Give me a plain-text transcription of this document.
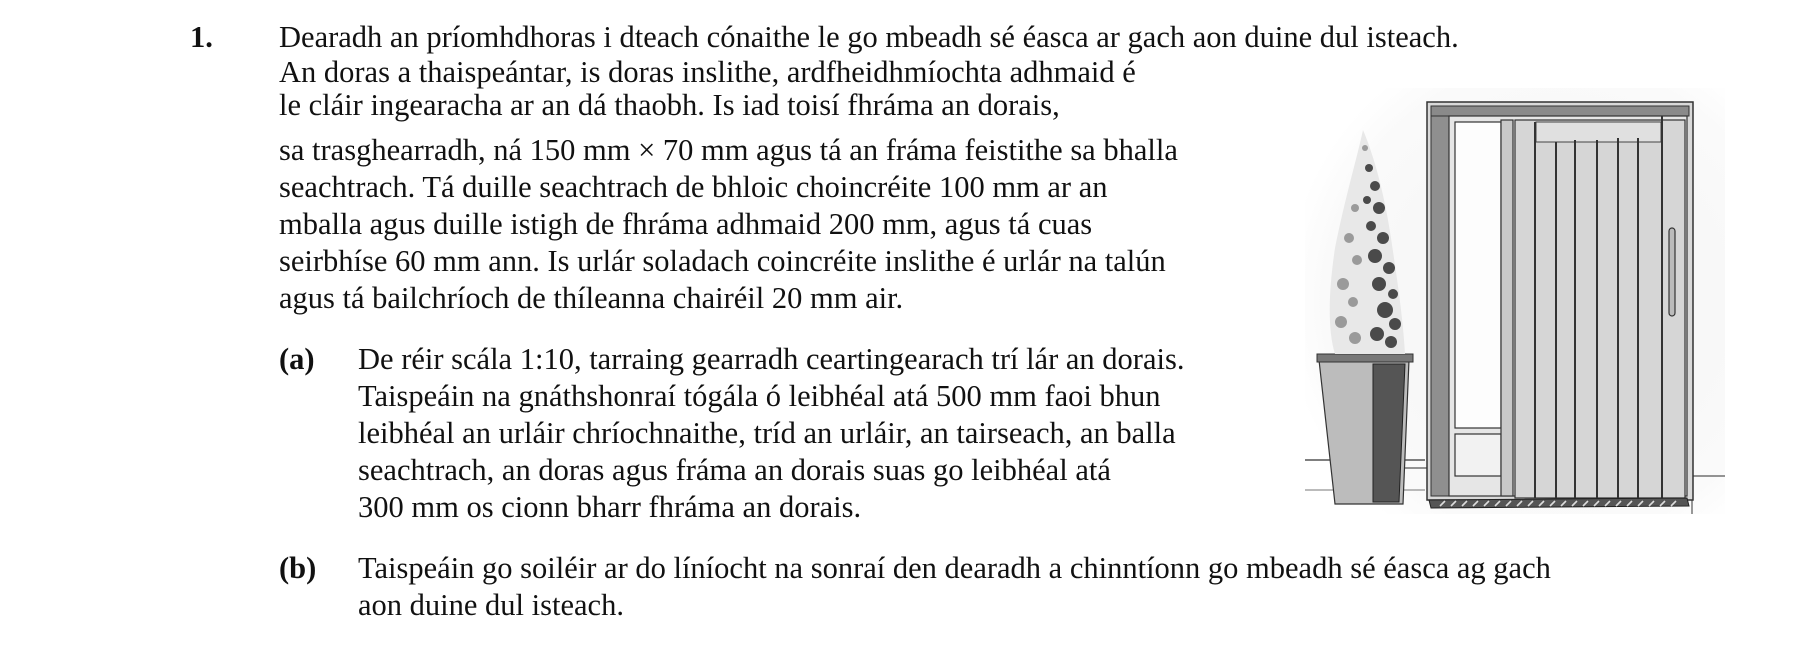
1. Dearadh an príomhdhoras i dteach cónaithe le go mbeadh sé éasca ar gach aon duine dul isteach.
An doras a thaispeántar, is doras inslithe, ardfheidhmíochta adhmaid é
le cláir ingearacha ar an dá thaobh. Is iad toisí fhráma an dorais,
sa trasghearradh, ná 150 mm × 70 mm agus tá an fráma feistithe sa bhalla
seachtrach. Tá duille seachtrach de bhloic choincréite 100 mm ar an
mballa agus duille istigh de fhráma adhmaid 200 mm, agus tá cuas
seirbhíse 60 mm ann. Is urlár soladach coincréite inslithe é urlár na talún
agus tá bailchríoch de thíleanna chairéil 20 mm air.
(a) De réir scála 1:10, tarraing gearradh ceartingearach trí lár an dorais.
Taispeáin na gnáthshonraí tógála ó leibhéal atá 500 mm faoi bhun
leibhéal an urláir chríochnaithe, tríd an urláir, an tairseach, an balla
seachtrach, an doras agus fráma an dorais suas go leibhéal atá
300 mm os cionn bharr fhráma an dorais.
(b) Taispeáin go soiléir ar do líníocht na sonraí den dearadh a chinntíonn go mbeadh sé éasca ag gach
aon duine dul isteach.
